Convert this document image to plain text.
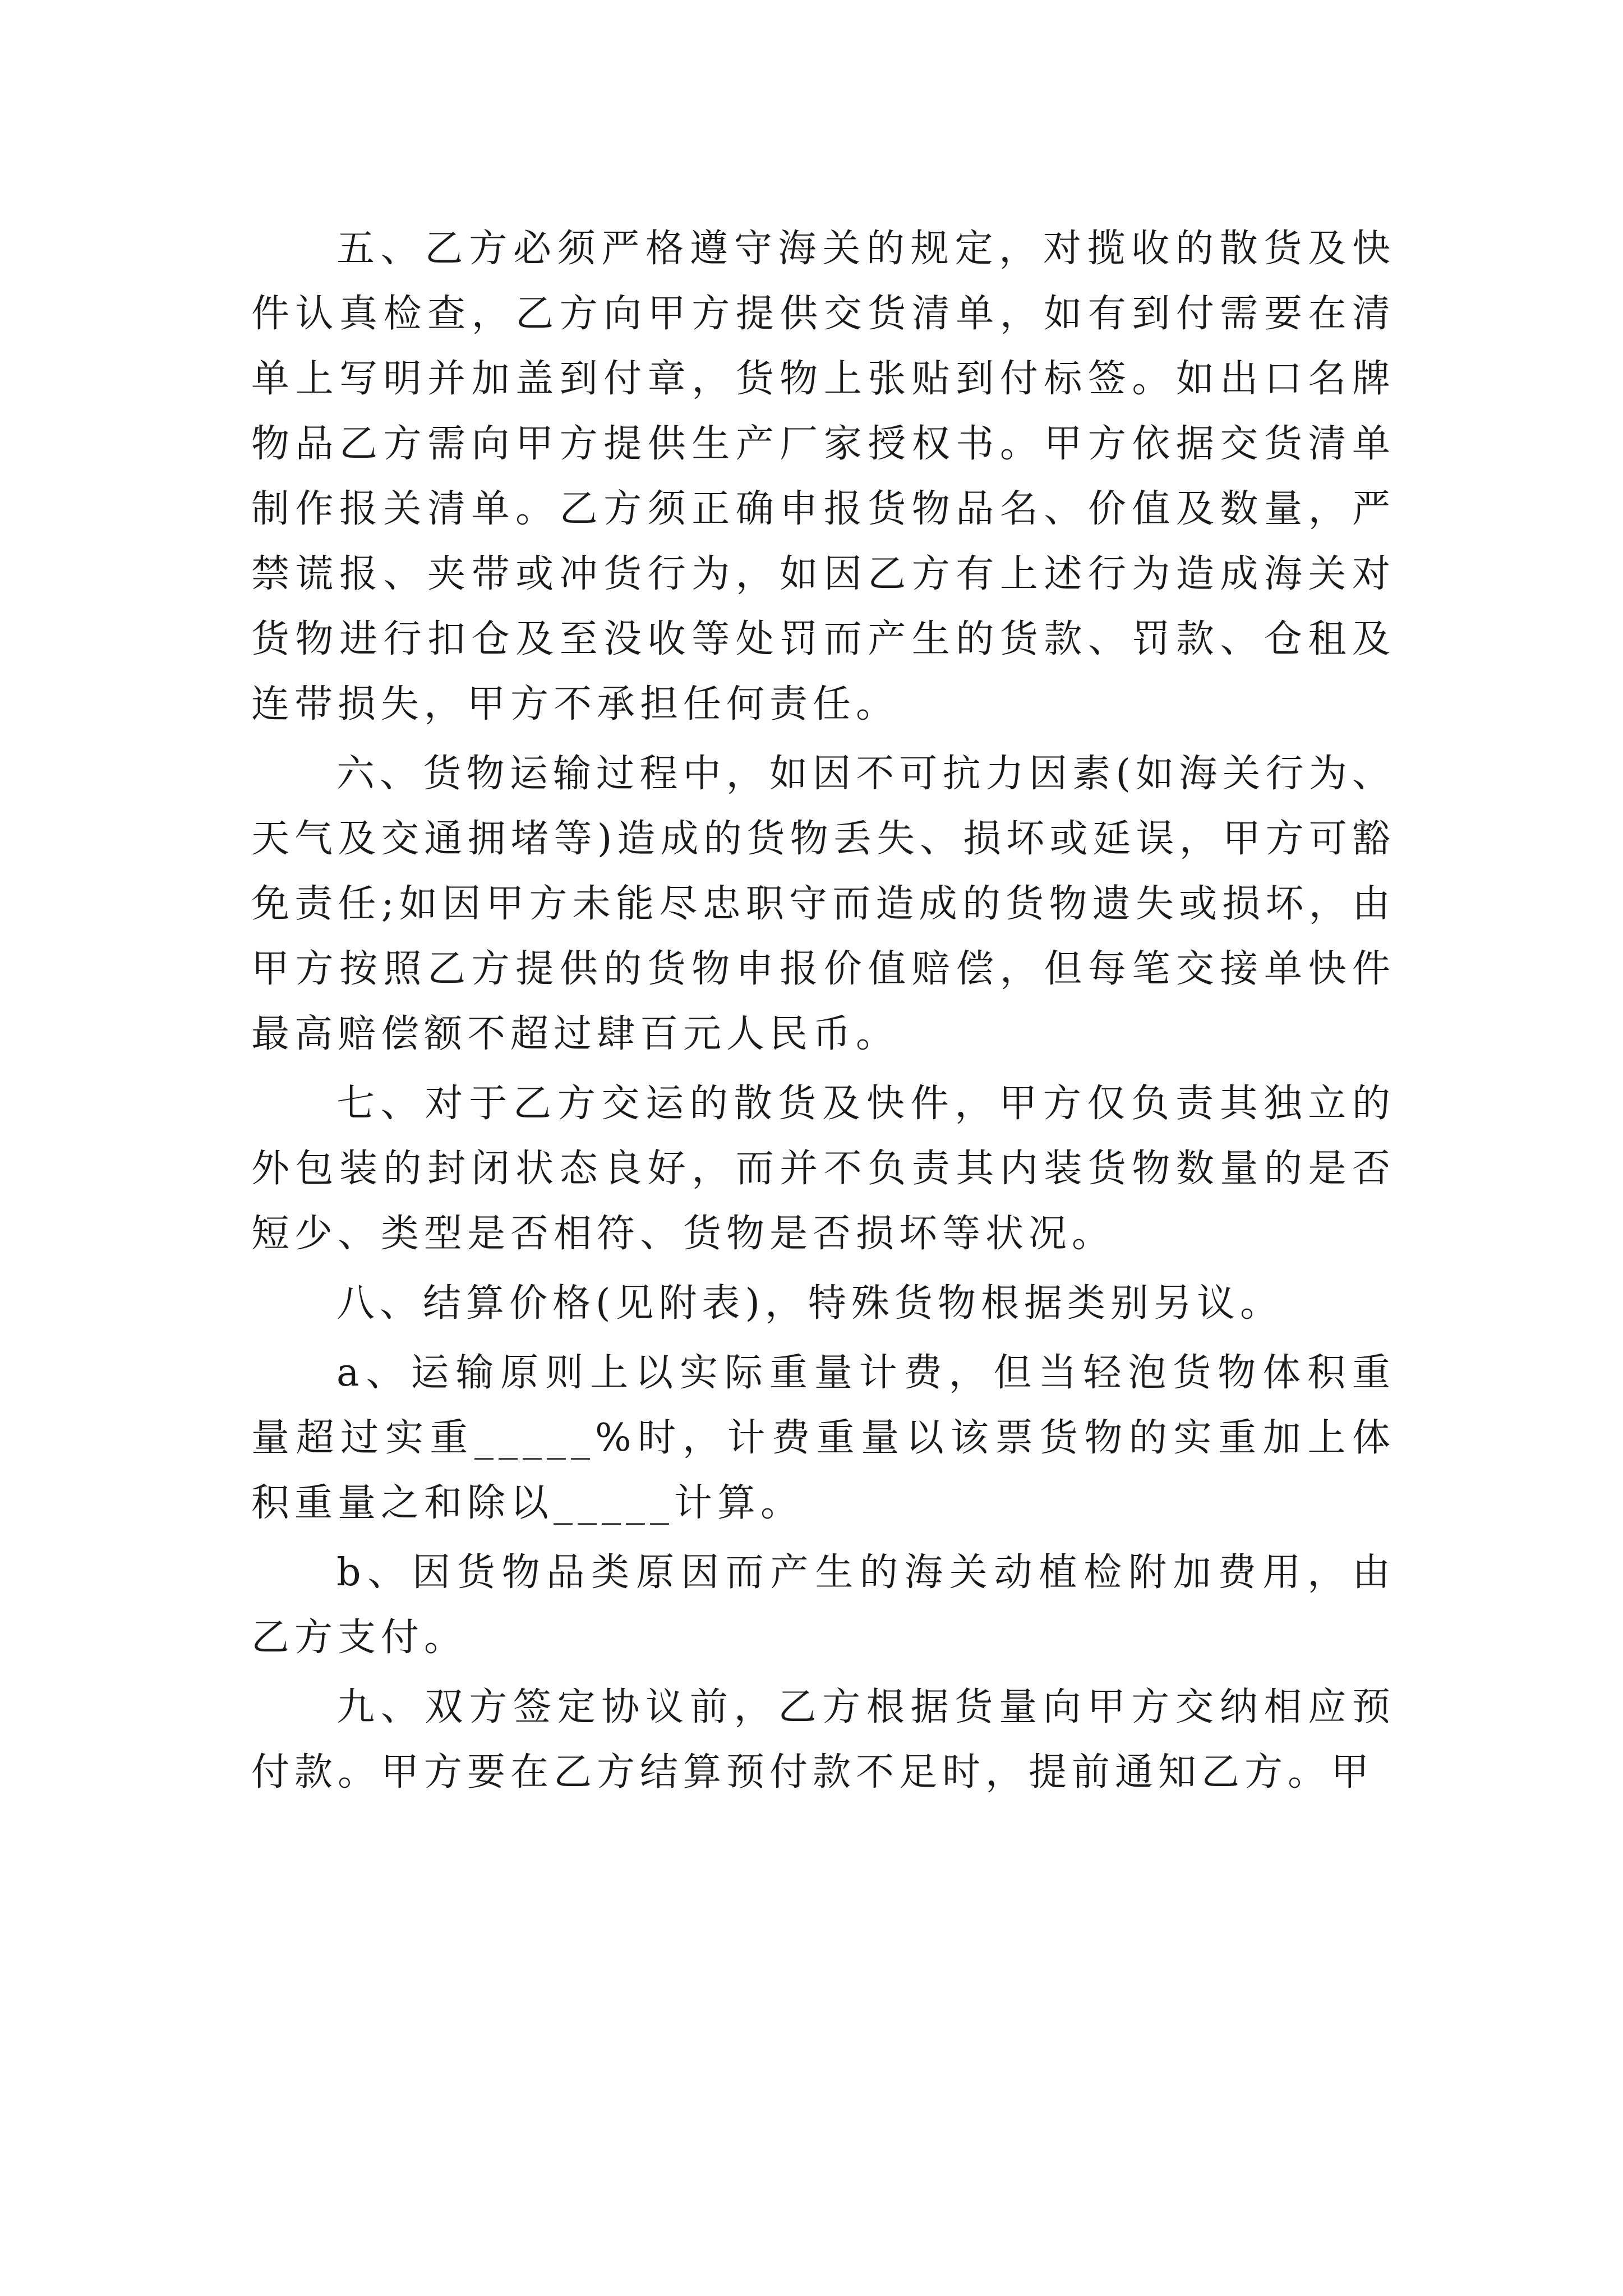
五、乙方必须严格遵守海关的规定，对揽收的散货及快件认真检查，乙方向甲方提供交货清单，如有到付需要在清单上写明并加盖到付章，货物上张贴到付标签。如出口名牌物品乙方需向甲方提供生产厂家授权书。甲方依据交货清单制作报关清单。乙方须正确申报货物品名、价值及数量，严禁谎报、夹带或冲货行为，如因乙方有上述行为造成海关对货物进行扣仓及至没收等处罚而产生的货款、罚款、仓租及连带损失，甲方不承担任何责任。

六、货物运输过程中，如因不可抗力因素(如海关行为、天气及交通拥堵等)造成的货物丢失、损坏或延误，甲方可豁免责任;如因甲方未能尽忠职守而造成的货物遗失或损坏，由甲方按照乙方提供的货物申报价值赔偿，但每笔交接单快件最高赔偿额不超过肆百元人民币。

七、对于乙方交运的散货及快件，甲方仅负责其独立的外包装的封闭状态良好，而并不负责其内装货物数量的是否短少、类型是否相符、货物是否损坏等状况。

八、结算价格(见附表)，特殊货物根据类别另议。

a、运输原则上以实际重量计费，但当轻泡货物体积重量超过实重_____%时，计费重量以该票货物的实重加上体积重量之和除以_____计算。

b、因货物品类原因而产生的海关动植检附加费用，由乙方支付。

九、双方签定协议前，乙方根据货量向甲方交纳相应预付款。甲方要在乙方结算预付款不足时，提前通知乙方。甲
